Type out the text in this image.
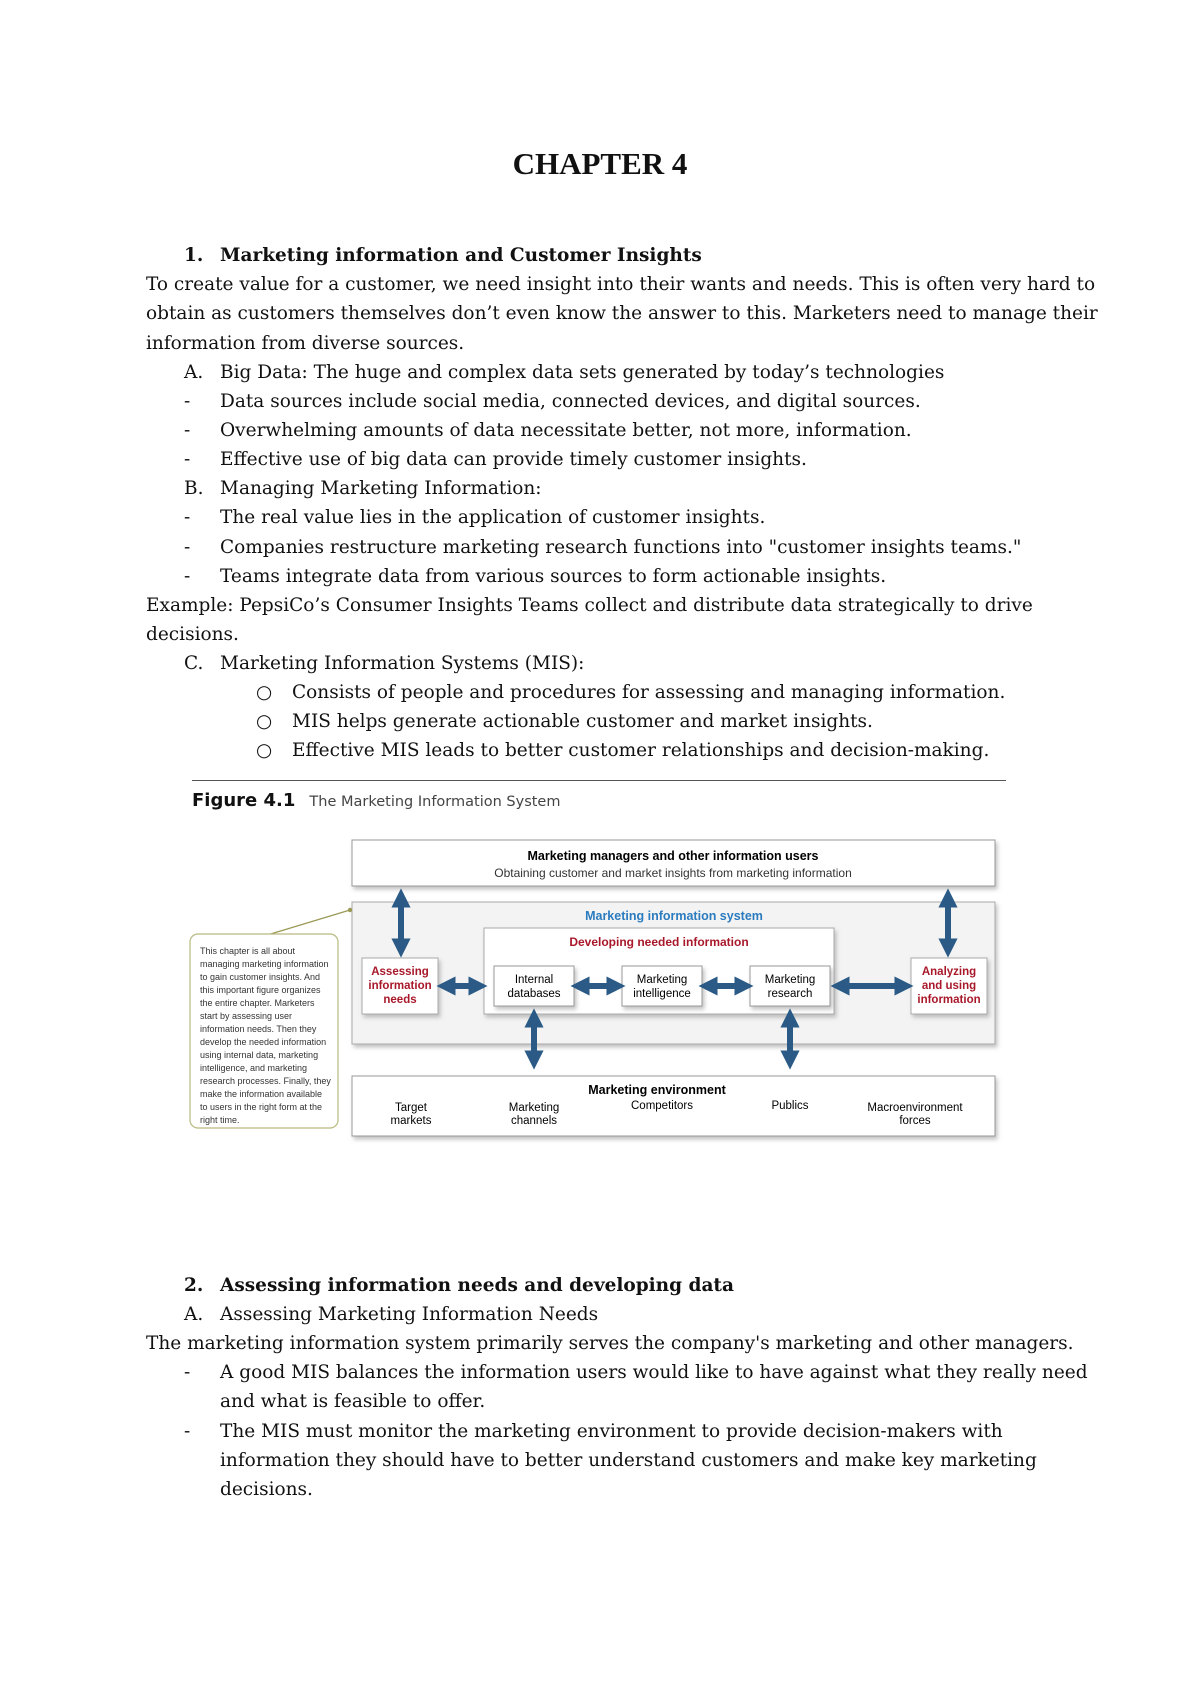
CHAPTER 4
1. Marketing information and Customer Insights
To create value for a customer, we need insight into their wants and needs. This is often very hard to
obtain as customers themselves don’t even know the answer to this. Marketers need to manage their
information from diverse sources.
A. Big Data: The huge and complex data sets generated by today’s technologies
- Data sources include social media, connected devices, and digital sources.
- Overwhelming amounts of data necessitate better, not more, information.
- Effective use of big data can provide timely customer insights.
B. Managing Marketing Information:
- The real value lies in the application of customer insights.
- Companies restructure marketing research functions into "customer insights teams."
- Teams integrate data from various sources to form actionable insights.
Example: PepsiCo’s Consumer Insights Teams collect and distribute data strategically to drive
decisions.
C. Marketing Information Systems (MIS):
○ Consists of people and procedures for assessing and managing information.
○ MIS helps generate actionable customer and market insights.
○ Effective MIS leads to better customer relationships and decision-making.
Figure 4.1 The Marketing Information System
Marketing managers and other information users
Obtaining customer and market insights from marketing information
Marketing information system
Developing needed information
Assessing
information
needs
Analyzing
and using
information
Internal
databases
Marketing
intelligence
Marketing
research
Marketing environment
Target
markets
Marketing
channels
Competitors	Publics	Macroenvironment
forces
This chapter is all about
managing marketing information
to gain customer insights. And
this important figure organizes
the entire chapter. Marketers
start by assessing user
information needs. Then they
develop the needed information
using internal data, marketing
intelligence, and marketing
research processes. Finally, they
make the information available
to users in the right form at the
right time.
2. Assessing information needs and developing data
A. Assessing Marketing Information Needs
The marketing information system primarily serves the company's marketing and other managers.
- A good MIS balances the information users would like to have against what they really need
and what is feasible to offer.
- The MIS must monitor the marketing environment to provide decision-makers with
information they should have to better understand customers and make key marketing
decisions.
